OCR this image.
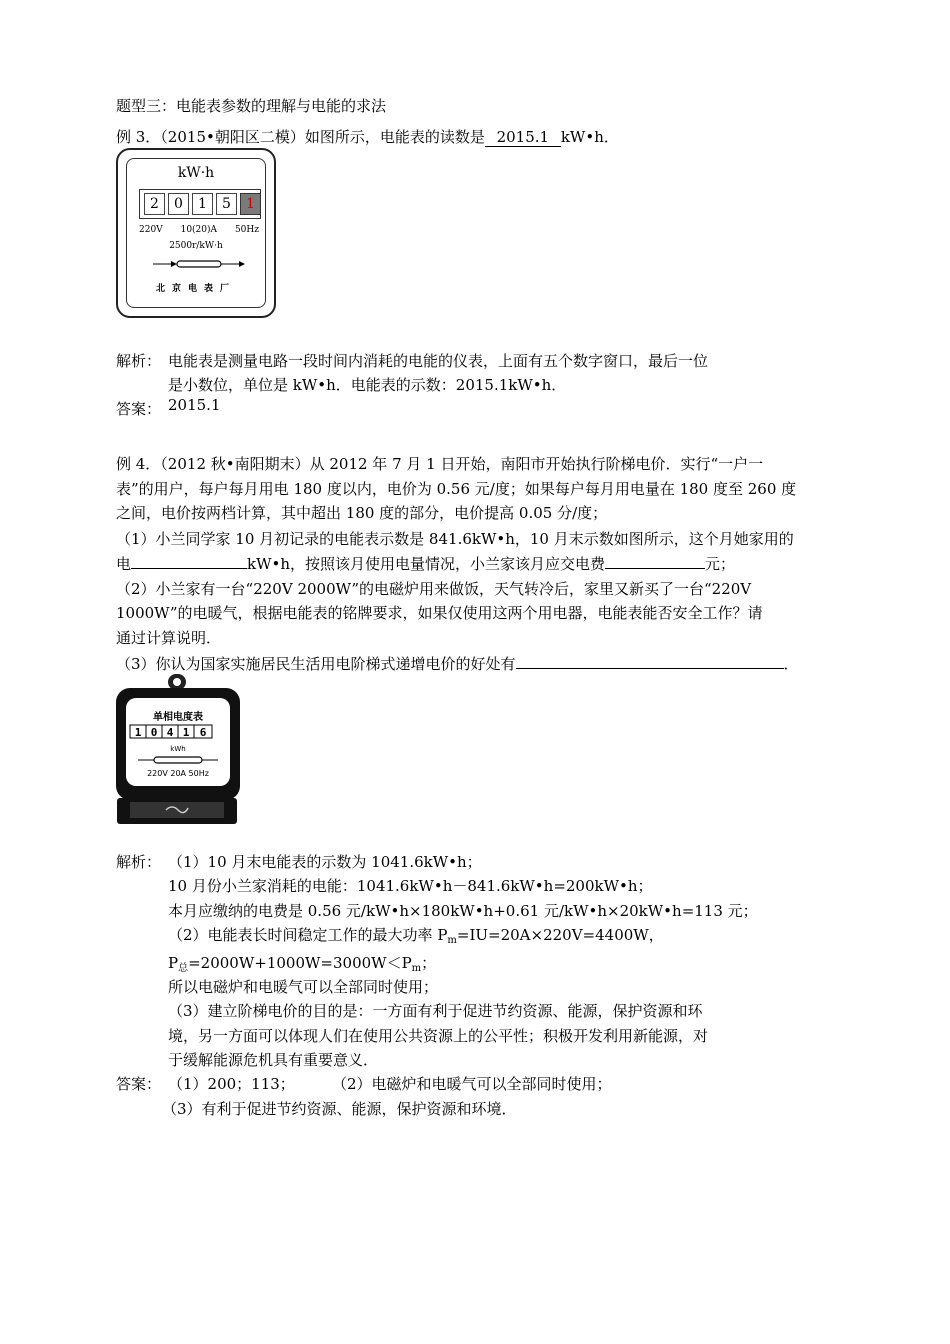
题型三：电能表参数的理解与电能的求法
例 3．（2015•朝阳区二模）如图所示，电能表的读数是 2015.1 kW•h．
kW·h
2	0	1	5	1
220V 10(20)A 50Hz
2500r/kW·h
北京电表厂
解析： 电能表是测量电路一段时间内消耗的电能的仪表，上面有五个数字窗口，最后一位
是小数位，单位是 kW•h．电能表的示数：2015.1kW•h．
答案： 2015.1
例 4．（2012 秋•南阳期末）从 2012 年 7 月 1 日开始，南阳市开始执行阶梯电价．实行“一户一
表”的用户，每户每月用电 180 度以内，电价为 0.56 元/度；如果每户每月用电量在 180 度至 260 度
之间，电价按两档计算，其中超出 180 度的部分，电价提高 0.05 分/度；
（1）小兰同学家 10 月初记录的电能表示数是 841.6kW•h，10 月末示数如图所示，这个月她家用的
电	kW•h，按照该月使用电量情况，小兰家该月应交电费	元；
（2）小兰家有一台“220V 2000W”的电磁炉用来做饭，天气转冷后，家里又新买了一台“220V
1000W”的电暖气，根据电能表的铭牌要求，如果仅使用这两个用电器，电能表能否安全工作？请
通过计算说明．
（3）你认为国家实施居民生活用电阶梯式递增电价的好处有	．
单相电度表
1 0 4 1 6
kWh
220V 20A 50Hz
解析： （1）10 月末电能表的示数为 1041.6kW•h；
10 月份小兰家消耗的电能：1041.6kW•h－841.6kW•h=200kW•h；
本月应缴纳的电费是 0.56 元/kW•h×180kW•h+0.61 元/kW•h×20kW•h=113 元；
（2）电能表长时间稳定工作的最大功率 $P_m=IU=20A\times 220V=4400W$，
$P_总=2000W+1000W=3000W<P_m$；
所以电磁炉和电暖气可以全部同时使用；
（3）建立阶梯电价的目的是：一方面有利于促进节约资源、能源，保护资源和环
境，另一方面可以体现人们在使用公共资源上的公平性；积极开发利用新能源，对
于缓解能源危机具有重要意义．
答案： （1）200；113； （2）电磁炉和电暖气可以全部同时使用；
（3）有利于促进节约资源、能源，保护资源和环境．
